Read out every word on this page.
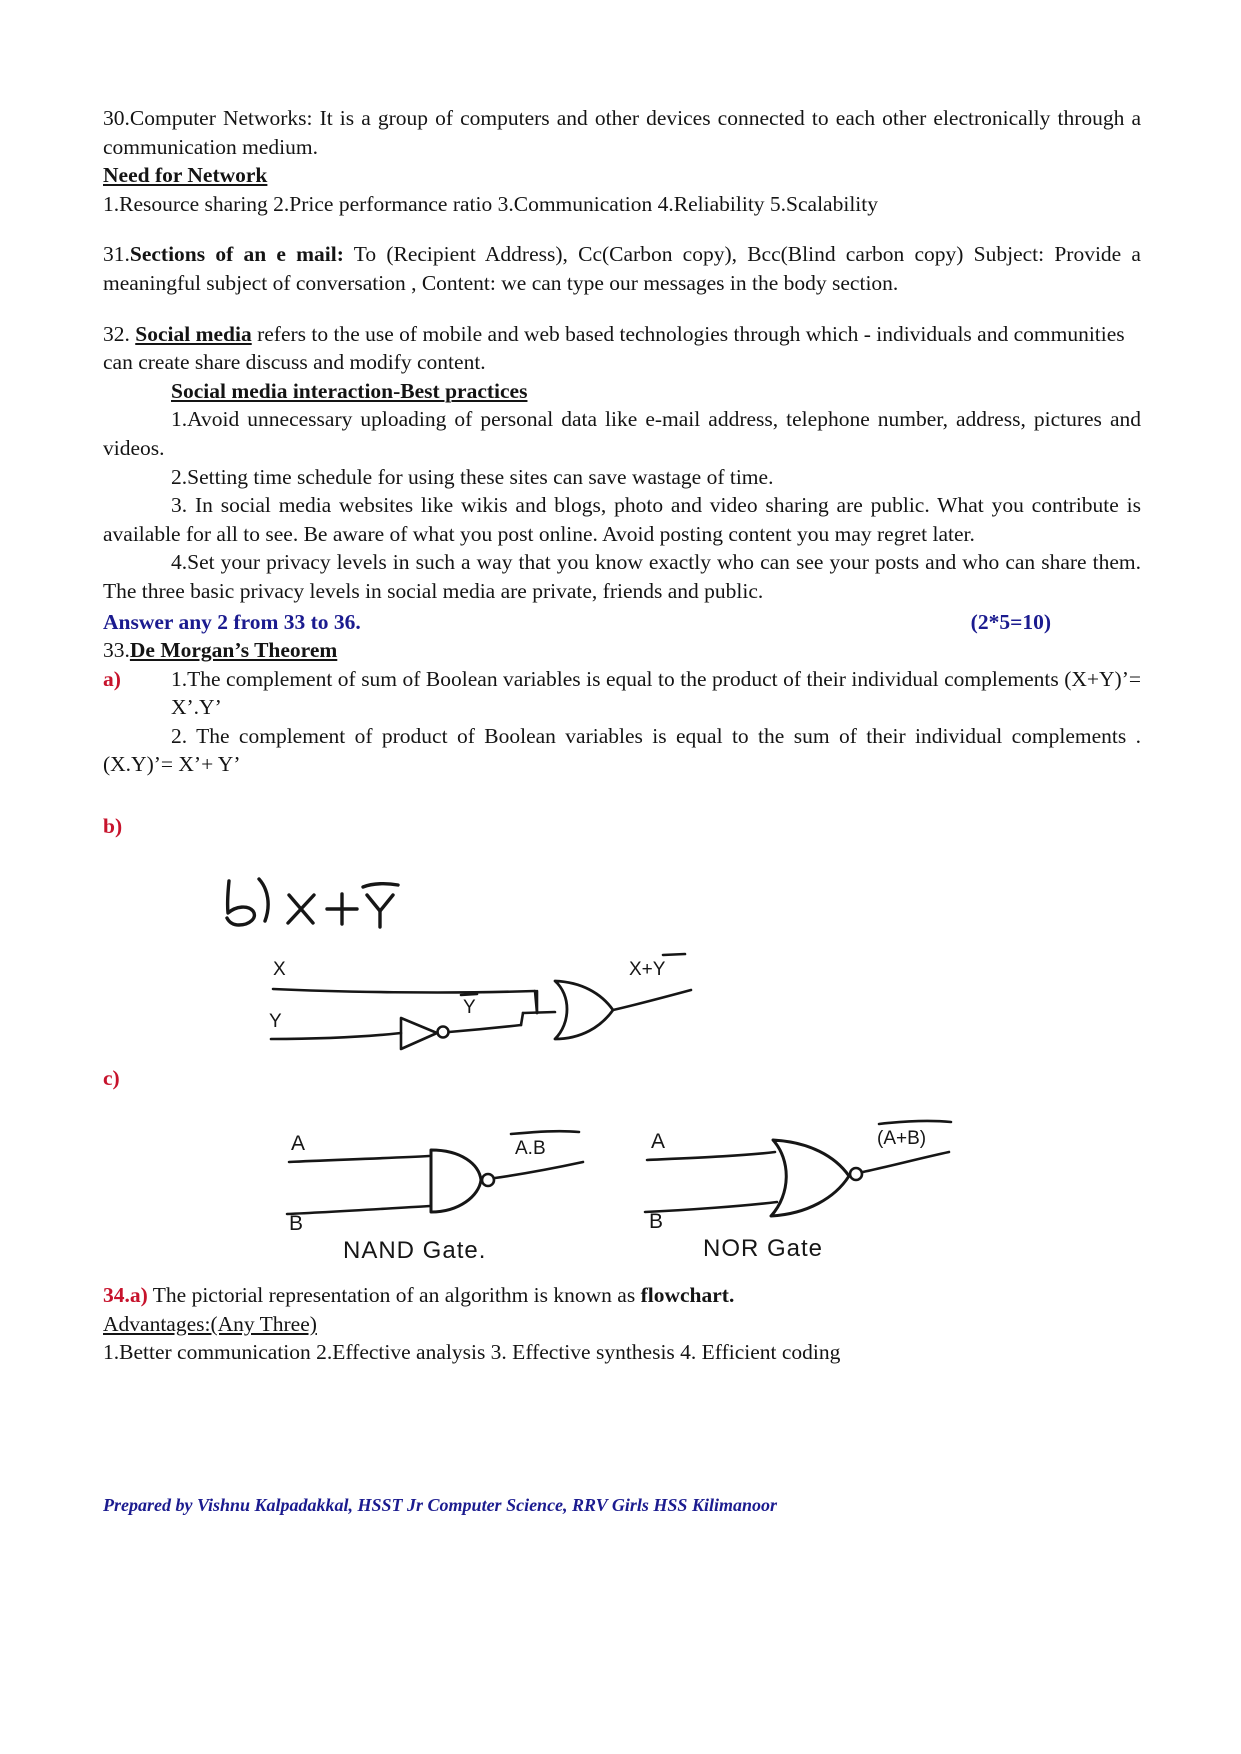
30.Computer Networks: It is a group of computers and other devices connected to each other electronically through a communication medium.

Need for Network

1.Resource sharing 2.Price performance ratio 3.Communication 4.Reliability 5.Scalability

31.Sections of an e mail: To (Recipient Address), Cc(Carbon copy), Bcc(Blind carbon copy) Subject: Provide a meaningful subject of conversation , Content: we can type our messages in the body section.

32. Social media refers to the use of mobile and web based technologies through which - individuals and communities can create share discuss and modify content.

Social media interaction-Best practices

1.Avoid unnecessary uploading of personal data like e-mail address, telephone number, address, pictures and videos.

2.Setting time schedule for using these sites can save wastage of time.

3. In social media websites like wikis and blogs, photo and video sharing are public. What you contribute is available for all to see. Be aware of what you post online. Avoid posting content you may regret later.

4.Set your privacy levels in such a way that you know exactly who can see your posts and who can share them. The three basic privacy levels in social media are private, friends and public.

Answer any 2 from 33 to 36.	(2*5=10)

33.De Morgan’s Theorem

a)	1.The complement of sum of Boolean variables is equal to the product of their individual complements (X+Y)’= X’.Y’

2. The complement of product of Boolean variables is equal to the sum of their individual complements . (X.Y)’= X’+ Y’

b)
X
Y
Y
X+Y
c)
A
B
A.B
NAND Gate.
A
B
(A+B)
NOR Gate

34.a) The pictorial representation of an algorithm is known as flowchart.

Advantages:(Any Three)

1.Better communication 2.Effective analysis 3. Effective synthesis 4. Efficient coding

Prepared by Vishnu Kalpadakkal, HSST Jr Computer Science, RRV Girls HSS Kilimanoor
